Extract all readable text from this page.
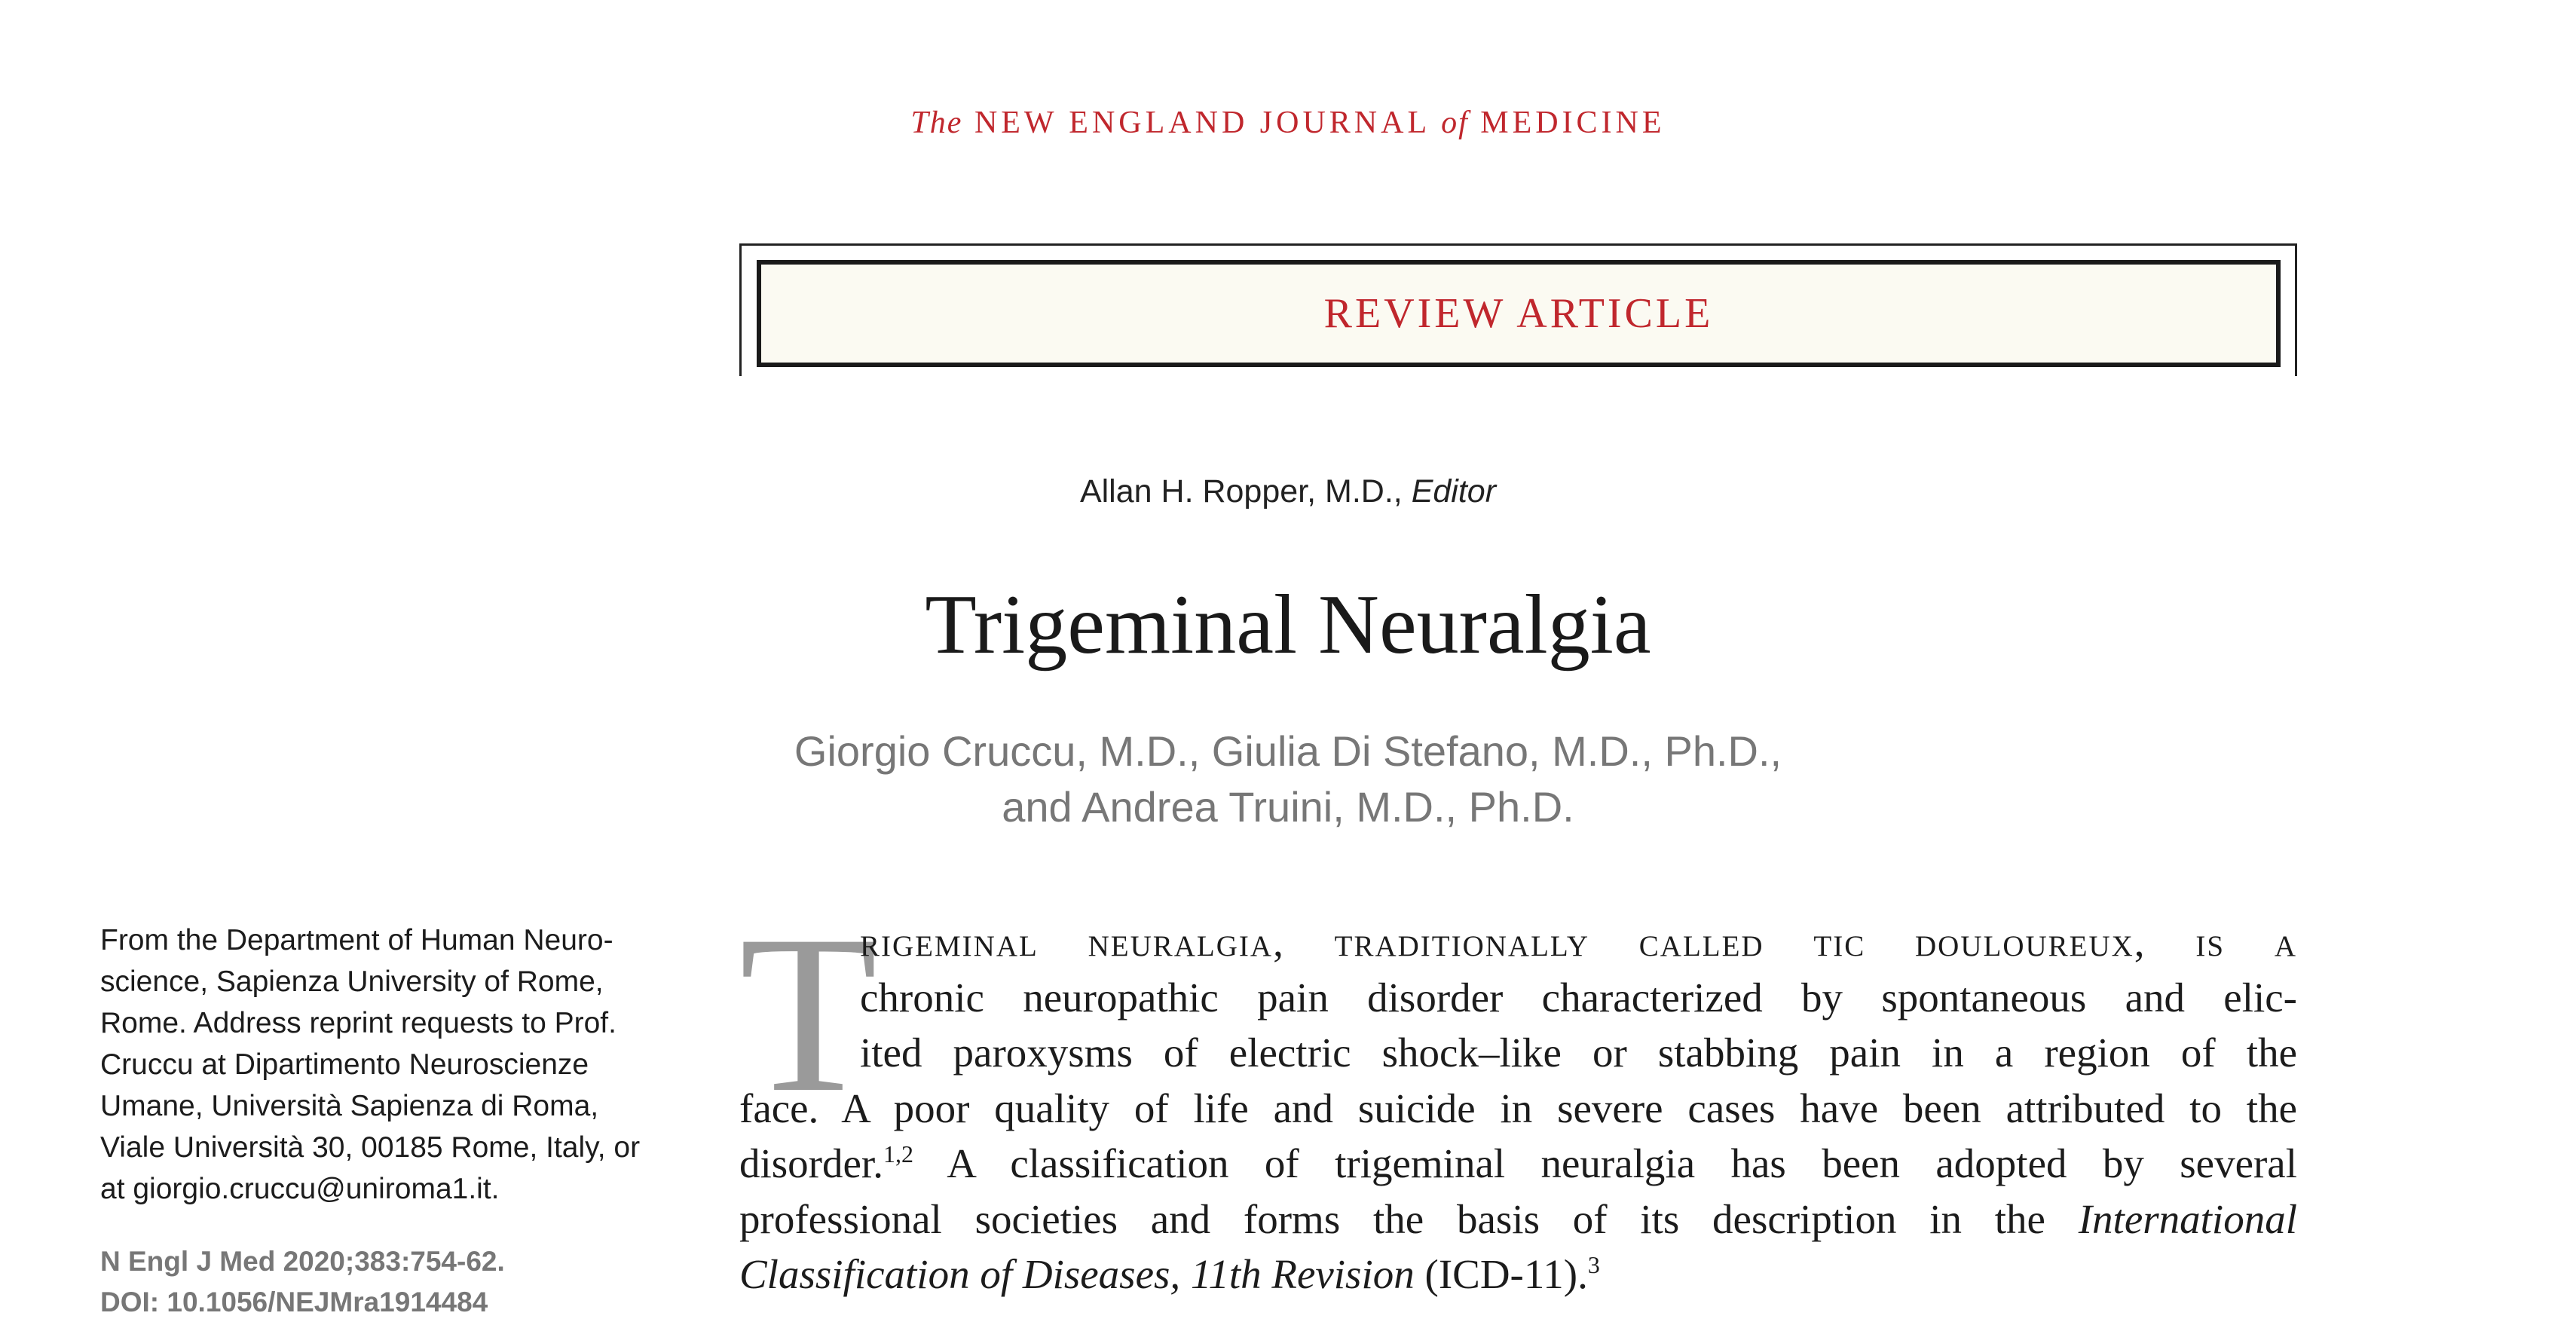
The NEW ENGLAND JOURNAL of MEDICINE
REVIEW ARTICLE
Allan H. Ropper, M.D., Editor
Trigeminal Neuralgia
Giorgio Cruccu, M.D., Giulia Di Stefano, M.D., Ph.D.,
and Andrea Truini, M.D., Ph.D.
From the Department of Human Neuro-
science, Sapienza University of Rome,
Rome. Address reprint requests to Prof.
Cruccu at Dipartimento Neuroscienze
Umane, Università Sapienza di Roma,
Viale Università 30, 00185 Rome, Italy, or
at giorgio.cruccu@uniroma1.it.
N Engl J Med 2020;383:754-62.
DOI: 10.1056/NEJMra1914484
T
rigeminal neuralgia, traditionally called tic douloureux, is a
chronic neuropathic pain disorder characterized by spontaneous and elic-
ited paroxysms of electric shock–like or stabbing pain in a region of the
face. A poor quality of life and suicide in severe cases have been attributed to the
disorder.$^{1,2}$ A classification of trigeminal neuralgia has been adopted by several
professional societies and forms the basis of its description in the International
Classification of Diseases, 11th Revision (ICD-11).$^3$
